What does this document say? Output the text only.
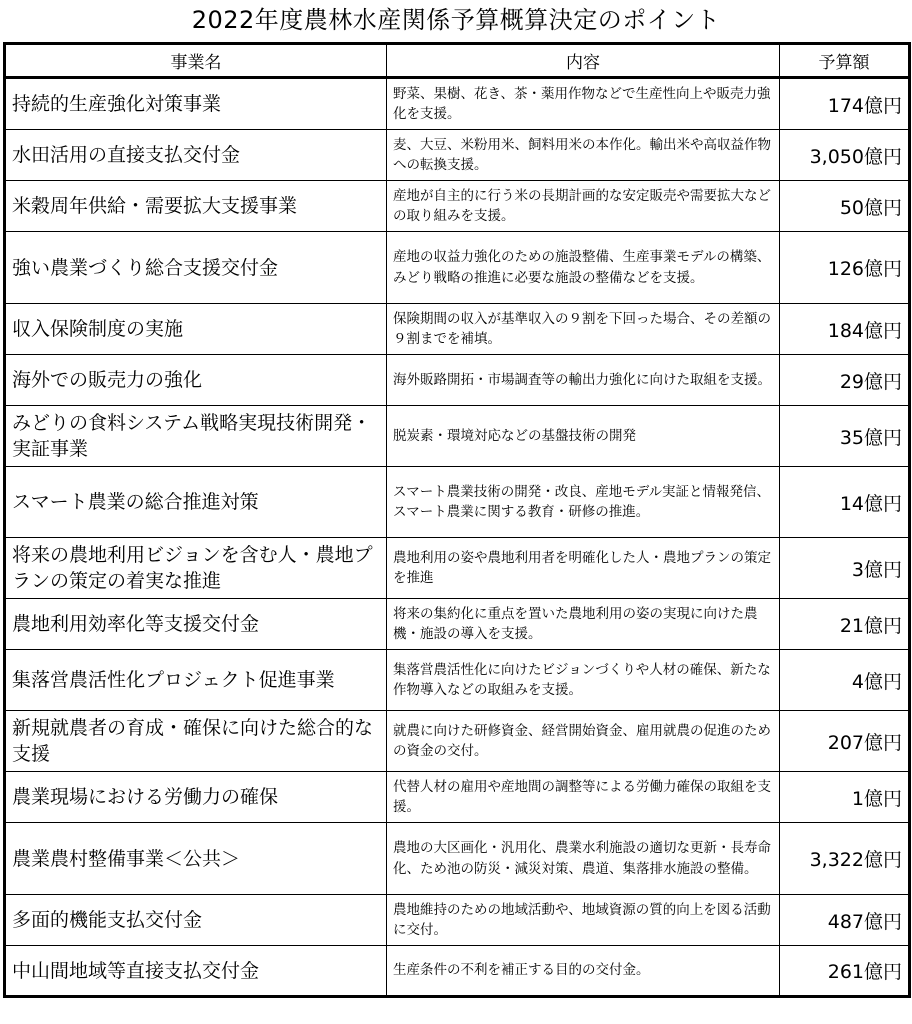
2022年度農林水産関係予算概算決定のポイント
事業名	内容	予算額
持続的生産強化対策事業	野菜、果樹、花き、茶・薬用作物などで生産性向上や販売力強化を支援。	174億円
水田活用の直接支払交付金	麦、大豆、米粉用米、飼料用米の本作化。輸出米や高収益作物への転換支援。	3,050億円
米穀周年供給・需要拡大支援事業	産地が自主的に行う米の長期計画的な安定販売や需要拡大などの取り組みを支援。	50億円
強い農業づくり総合支援交付金	産地の収益力強化のための施設整備、生産事業モデルの構築、みどり戦略の推進に必要な施設の整備などを支援。	126億円
収入保険制度の実施	保険期間の収入が基準収入の９割を下回った場合、その差額の９割までを補填。	184億円
海外での販売力の強化	海外販路開拓・市場調査等の輸出力強化に向けた取組を支援。	29億円
みどりの食料システム戦略実現技術開発・実証事業	脱炭素・環境対応などの基盤技術の開発	35億円
スマート農業の総合推進対策	スマート農業技術の開発・改良、産地モデル実証と情報発信、スマート農業に関する教育・研修の推進。	14億円
将来の農地利用ビジョンを含む人・農地プランの策定の着実な推進	農地利用の姿や農地利用者を明確化した人・農地プランの策定を推進	3億円
農地利用効率化等支援交付金	将来の集約化に重点を置いた農地利用の姿の実現に向けた農機・施設の導入を支援。	21億円
集落営農活性化プロジェクト促進事業	集落営農活性化に向けたビジョンづくりや人材の確保、新たな作物導入などの取組みを支援。	4億円
新規就農者の育成・確保に向けた総合的な支援	就農に向けた研修資金、経営開始資金、雇用就農の促進のための資金の交付。	207億円
農業現場における労働力の確保	代替人材の雇用や産地間の調整等による労働力確保の取組を支援。	1億円
農業農村整備事業＜公共＞	農地の大区画化・汎用化、農業水利施設の適切な更新・長寿命化、ため池の防災・減災対策、農道、集落排水施設の整備。	3,322億円
多面的機能支払交付金	農地維持のための地域活動や、地域資源の質的向上を図る活動に交付。	487億円
中山間地域等直接支払交付金	生産条件の不利を補正する目的の交付金。	261億円
